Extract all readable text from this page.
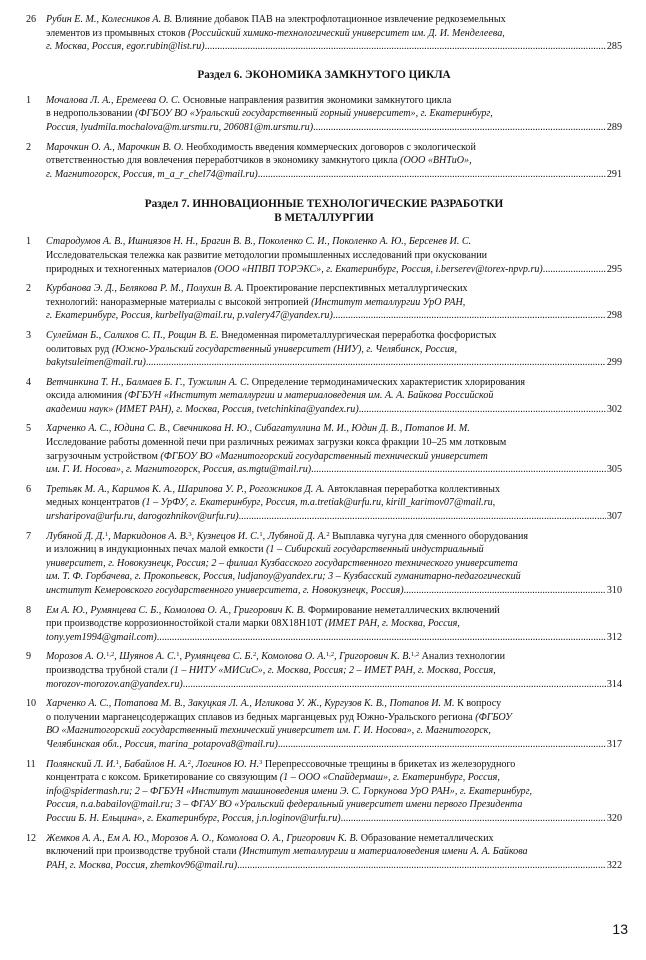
26 Рубин Е. М., Колесников А. В. Влияние добавок ПАВ на электрофлотационное извлечение редкоземельных
элементов из промывных стоков (Российский химико-технологический университет им. Д. И. Менделеева,
г. Москва, Россия, egor.rubin@list.ru) .....	285
Раздел 6. ЭКОНОМИКА ЗАМКНУТОГО ЦИКЛА
1	Мочалова Л. А., Еремеева О. С. Основные направления развития экономики замкнутого цикла
в недропользовании (ФГБОУ ВО «Уральский государственный горный университет», г. Екатеринбург,
Россия, lyudmila.mochalova@m.ursmu.ru, 206081@m.ursmu.ru) .....	289
2	Марочкин О. А., Марочкин В. О. Необходимость введения коммерческих договоров с экологической
ответственностью для вовлечения переработчиков в экономику замкнутого цикла (ООО «ВНТиО»,
г. Магнитогорск, Россия, m_a_r_chel74@mail.ru) .....	291
Раздел 7. ИННОВАЦИОННЫЕ ТЕХНОЛОГИЧЕСКИЕ РАЗРАБОТКИ
В МЕТАЛЛУРГИИ
1	Стародумов А. В., Ишниязов Н. Н., Брагин В. В., Поколенко С. И., Поколенко А. Ю., Берсенев И. С.
Исследовательская тележка как развитие методологии промышленных исследований при окусковании
природных и техногенных материалов (ООО «НПВП ТОРЭКС», г. Екатеринбург, Россия, i.berserev@torex-npvp.ru) .....	295
2	Курбанова Э. Д., Белякова Р. М., Полухин В. А. Проектирование перспективных металлургических
технологий: наноразмерные материалы с высокой энтропией (Институт металлургии УрО РАН,
г. Екатеринбург, Россия, kurbellya@mail.ru, p.valery47@yandex.ru) .....	298
3	Сулейман Б., Салихов С. П., Рощин В. Е. Внедоменная пирометаллургическая переработка фосфористых
оолитовых руд (Южно-Уральский государственный университет (НИУ), г. Челябинск, Россия,
bakytsuleimen@mail.ru) .....	299
4	Ветчинкина Т. Н., Балмаев Б. Г., Тужилин А. С. Определение термодинамических характеристик хлорирования
оксида алюминия (ФГБУН «Институт металлургии и материаловедения им. А. А. Байкова Российской
академии наук» (ИМЕТ РАН), г. Москва, Россия, tvetchinkina@yandex.ru) .....	302
5	Харченко А. С., Юдина С. В., Свечникова Н. Ю., Сибагатуллина М. И., Юдин Д. В., Потапов И. М.
Исследование работы доменной печи при различных режимах загрузки кокса фракции 10–25 мм лотковым
загрузочным устройством (ФГБОУ ВО «Магнитогорский государственный технический университет
им. Г. И. Носова», г. Магнитогорск, Россия, as.mgtu@mail.ru) .....	305
6	Третьяк М. А., Каримов К. А., Шарипова У. Р., Рогожников Д. А. Автоклавная переработка коллективных
медных концентратов (1 – УрФУ, г. Екатеринбург, Россия, m.a.tretiak@urfu.ru, kirill_karimov07@mail.ru,
ursharipova@urfu.ru, darogozhnikov@urfu.ru) .....	307
7	Лубяной Д. Д.$^1$, Маркидонов А. В.$^3$, Кузнецов И. С.$^1$, Лубяной Д. А.$^2$ Выплавка чугуна для сменного оборудования
и изложниц в индукционных печах малой емкости (1 – Сибирский государственный индустриальный
университет, г. Новокузнецк, Россия; 2 – филиал Кузбасского государственного технического университета
им. Т. Ф. Горбачева, г. Прокопьевск, Россия, ludjanoy@yandex.ru; 3 – Кузбасский гуманитарно-педагогический
институт Кемеровского государственного университета, г. Новокузнецк, Россия) .....	310
8	Ем А. Ю., Румянцева С. Б., Комолова О. А., Григорович К. В. Формирование неметаллических включений
при производстве коррозионностойкой стали марки 08Х18Н10Т (ИМЕТ РАН, г. Москва, Россия,
tony.yem1994@gmail.com) .....	312
9	Морозов А. О.$^{1,2}$, Шуянов А. С.$^1$, Румянцева С. Б.$^2$, Комолова О. А.$^{1,2}$, Григорович К. В.$^{1,2}$ Анализ технологии
производства трубной стали (1 – НИТУ «МИСиС», г. Москва, Россия; 2 – ИМЕТ РАН, г. Москва, Россия,
morozov-morozov.an@yandex.ru) .....	314
10 Харченко А. С., Потапова М. В., Закуцкая Л. А., Игликова У. Ж., Кургузов К. В., Потапов И. М. К вопросу
о получении марганецсодержащих сплавов из бедных марганцевых руд Южно-Уральского региона (ФГБОУ
ВО «Магнитогорский государственный технический университет им. Г. И. Носова», г. Магнитогорск,
Челябинская обл., Россия, marina_potapova8@mail.ru) .....	317
11	Полянский Л. И.$^1$, Бабайлов Н. А.$^2$, Логинов Ю. Н.$^3$ Перепрессовочные трещины в брикетах из железорудного
концентрата с коксом. Брикетирование со связующим (1 – ООО «Спайдермаш», г. Екатеринбург, Россия,
info@spidermash.ru; 2 – ФГБУН «Институт машиноведения имени Э. С. Горкунова УрО РАН», г. Екатеринбург,
Россия, n.a.babailov@mail.ru; 3 – ФГАУ ВО «Уральский федеральный университет имени первого Президента
России Б. Н. Ельцина», г. Екатеринбург, Россия, j.n.loginov@urfu.ru) .....	320
12 Жемков А. А., Ем А. Ю., Морозов А. О., Комолова О. А., Григорович К. В. Образование неметаллических
включений при производстве трубной стали (Институт металлургии и материаловедения имени А. А. Байкова
РАН, г. Москва, Россия, zhemkov96@mail.ru) .....	322
13
